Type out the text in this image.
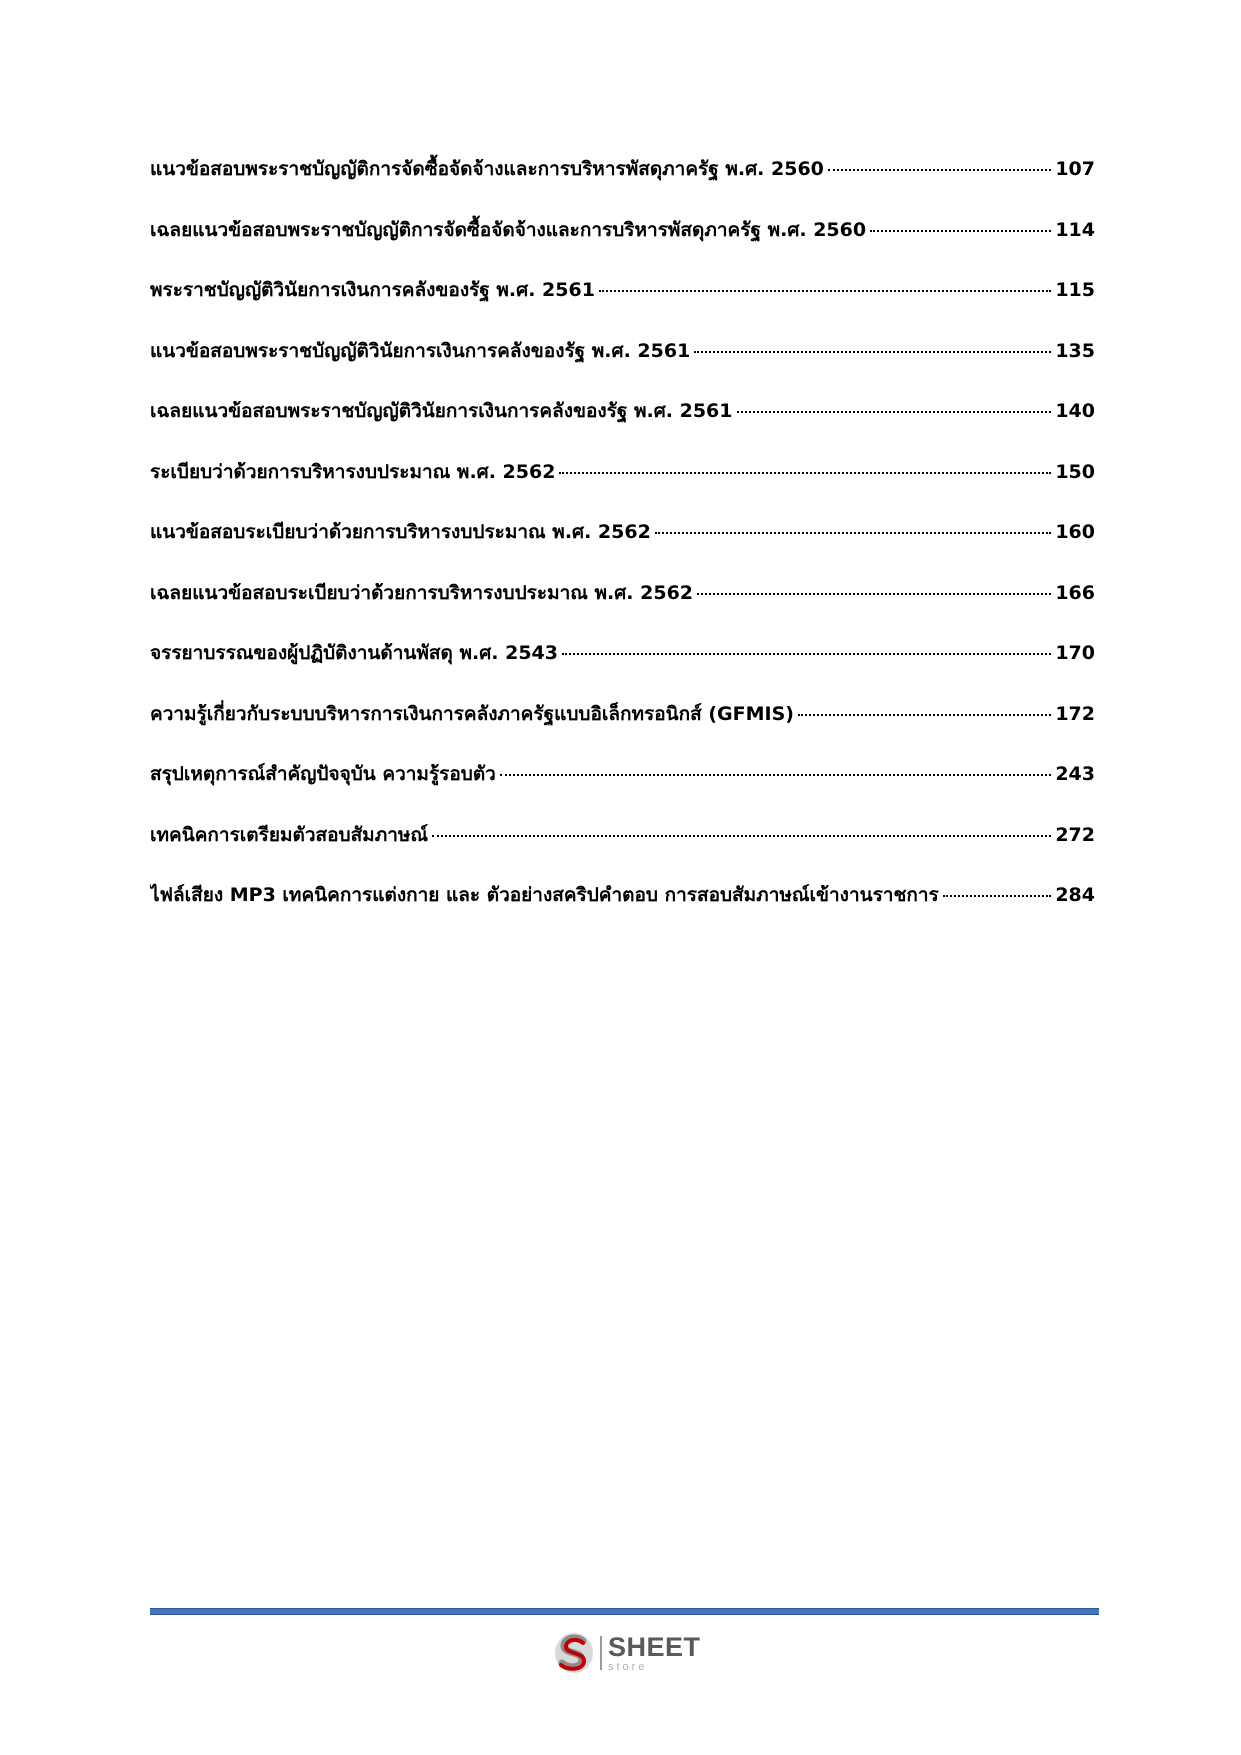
แนวข้อสอบพระราชบัญญัติการจัดซื้อจัดจ้างและการบริหารพัสดุภาครัฐ พ.ศ. 2560	107
เฉลยแนวข้อสอบพระราชบัญญัติการจัดซื้อจัดจ้างและการบริหารพัสดุภาครัฐ พ.ศ. 2560	114
พระราชบัญญัติวินัยการเงินการคลังของรัฐ พ.ศ. 2561	115
แนวข้อสอบพระราชบัญญัติวินัยการเงินการคลังของรัฐ พ.ศ. 2561	135
เฉลยแนวข้อสอบพระราชบัญญัติวินัยการเงินการคลังของรัฐ พ.ศ. 2561	140
ระเบียบว่าด้วยการบริหารงบประมาณ พ.ศ. 2562	150
แนวข้อสอบระเบียบว่าด้วยการบริหารงบประมาณ พ.ศ. 2562	160
เฉลยแนวข้อสอบระเบียบว่าด้วยการบริหารงบประมาณ พ.ศ. 2562	166
จรรยาบรรณของผู้ปฏิบัติงานด้านพัสดุ พ.ศ. 2543	170
ความรู้เกี่ยวกับระบบบริหารการเงินการคลังภาครัฐแบบอิเล็กทรอนิกส์ (GFMIS)	172
สรุปเหตุการณ์สำคัญปัจจุบัน ความรู้รอบตัว	243
เทคนิคการเตรียมตัวสอบสัมภาษณ์	272
ไฟล์เสียง MP3 เทคนิคการแต่งกาย และ ตัวอย่างสคริปคำตอบ การสอบสัมภาษณ์เข้างานราชการ	284
SHEET
store
